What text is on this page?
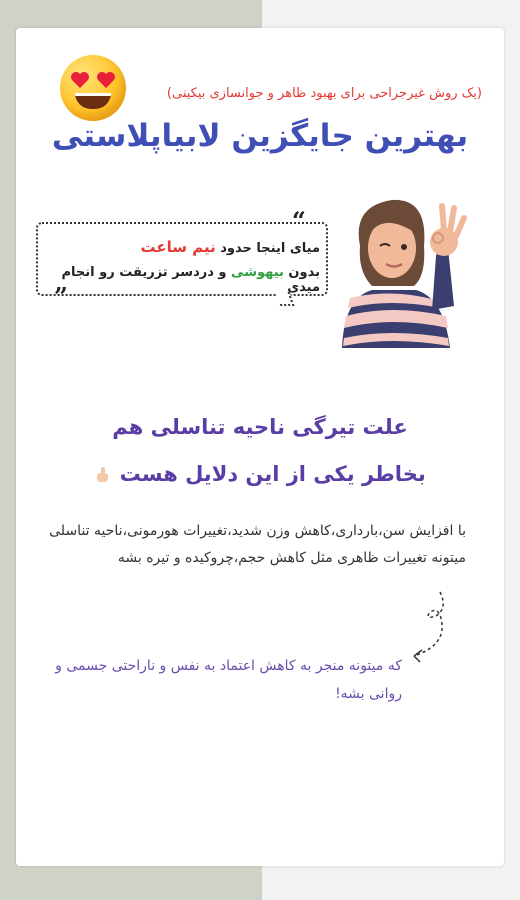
(یک روش غیرجراحی برای بهبود ظاهر و جوانسازی بیکینی)
بهترین جایگزین لابیاپلاستی
“
”
میای اینجا حدود نیم ساعت
بدون بیهوشی و دردسر تزریقت رو انجام میدی
علت تیرگی ناحیه تناسلی هم
بخاطر یکی از این دلایل هست
با افزایش سن،بارداری،کاهش وزن شدید،تغییرات هورمونی،ناحیه تناسلی میتونه تغییرات ظاهری مثل کاهش حجم،چروکیده و تیره بشه
که میتونه منجر به کاهش اعتماد به نفس و ناراحتی جسمی و روانی بشه!
